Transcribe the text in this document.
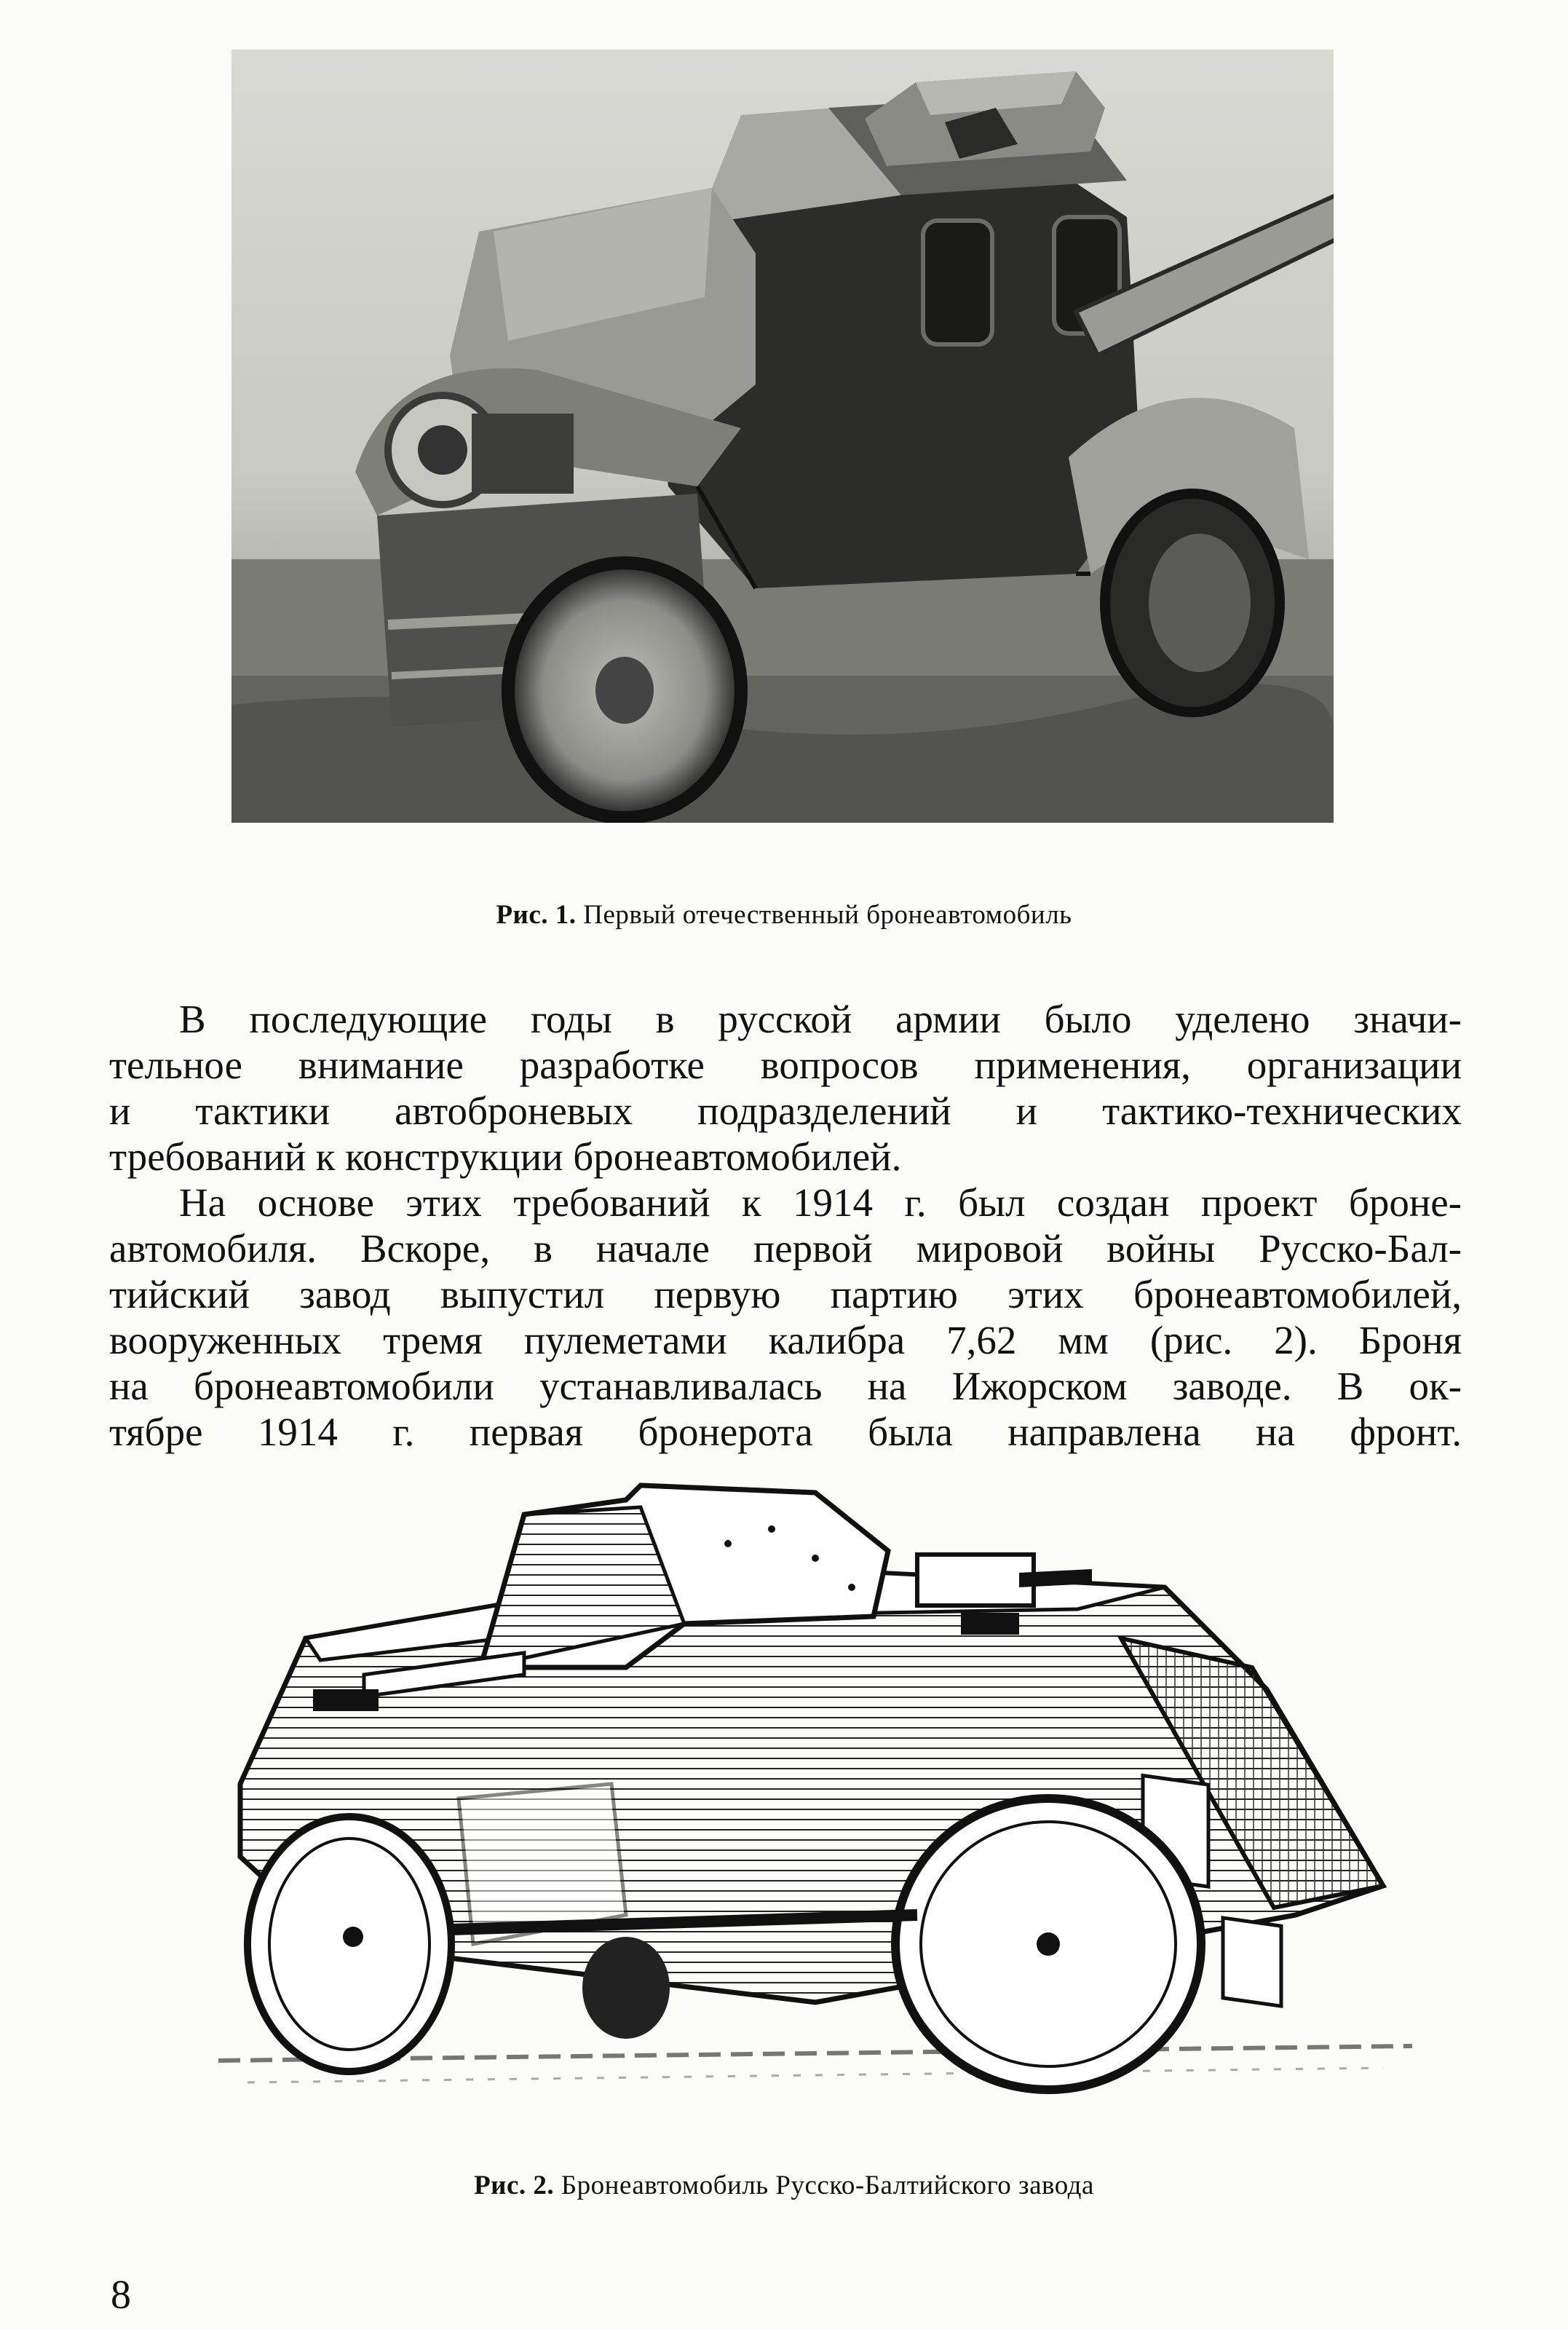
Рис. 1. Первый отечественный бронеавтомобиль

В последующие годы в русской армии было уделено значи-

тельное внимание разработке вопросов применения, организации

и тактики автоброневых подразделений и тактико-технических

требований к конструкции бронеавтомобилей.

На основе этих требований к 1914 г. был создан проект броне-

автомобиля. Вскоре, в начале первой мировой войны Русско-Бал-

тийский завод выпустил первую партию этих бронеавтомобилей,

вооруженных тремя пулеметами калибра 7,62 мм (рис. 2). Броня

на бронеавтомобили устанавливалась на Ижорском заводе. В ок-

тябре 1914 г. первая бронерота была направлена на фронт.

Рис. 2. Бронеавтомобиль Русско-Балтийского завода
8
